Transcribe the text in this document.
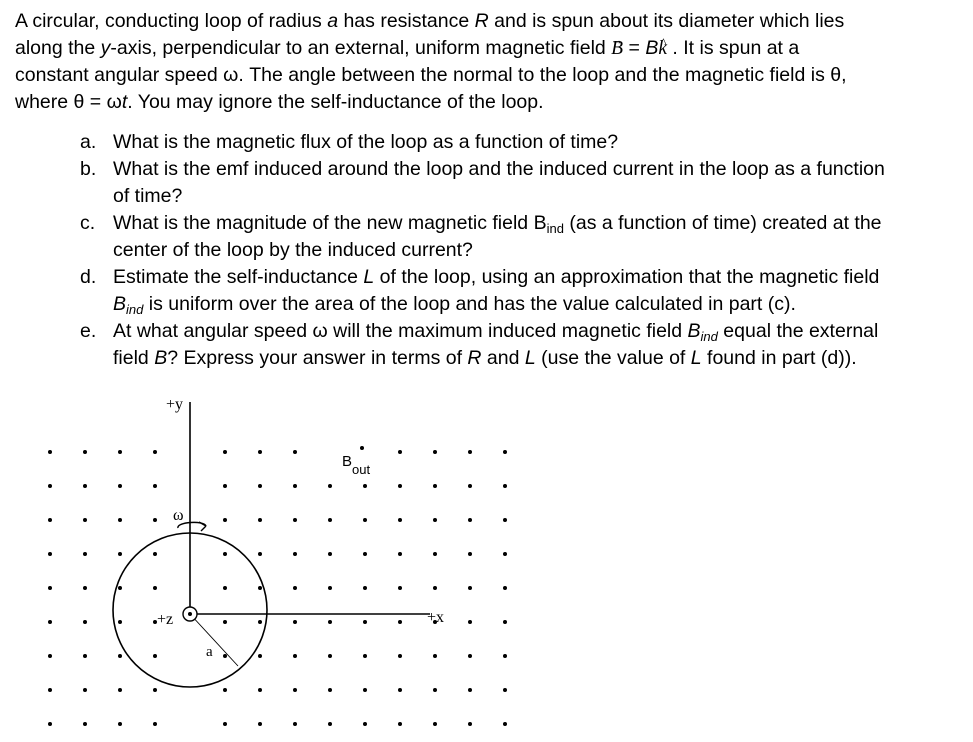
A circular, conducting loop of radius a has resistance R and is spun about its diameter which lies
along the y-axis, perpendicular to an external, uniform magnetic field → B = B^ k . It is spun at a
constant angular speed ω. The angle between the normal to the loop and the magnetic field is θ,
where θ = ωt. You may ignore the self-inductance of the loop.
a. What is the magnetic flux of the loop as a function of time?
b. What is the emf induced around the loop and the induced current in the loop as a function
of time?
c. What is the magnitude of the new magnetic field $B_{ind}$ (as a function of time) created at the
center of the loop by the induced current?
d. Estimate the self-inductance L of the loop, using an approximation that the magnetic field
$B_{ind}$ is uniform over the area of the loop and has the value calculated in part (c).
e. At what angular speed ω will the maximum induced magnetic field $B_{ind}$ equal the external
field B? Express your answer in terms of R and L (use the value of L found in part (d)).
+y
+x
+z
ω
a
B out
